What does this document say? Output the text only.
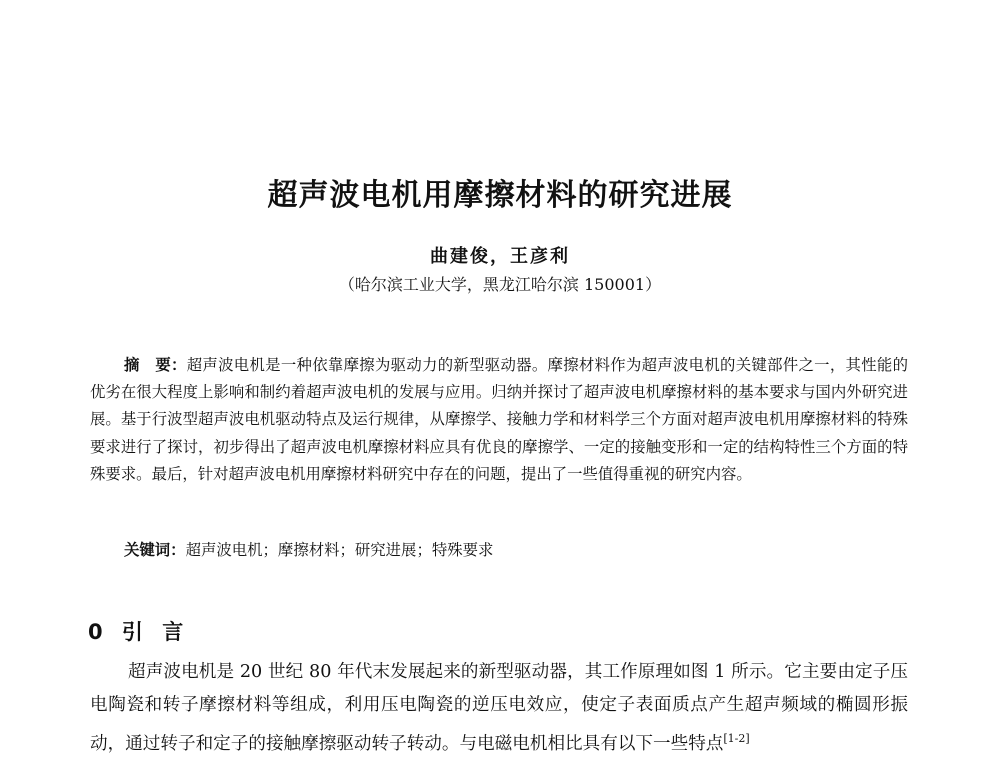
超声波电机用摩擦材料的研究进展
曲建俊，王彦利
（哈尔滨工业大学，黑龙江哈尔滨 150001）

摘　要：超声波电机是一种依靠摩擦为驱动力的新型驱动器。摩擦材料作为超声波电机的关键部件之一，其性能的优劣在很大程度上影响和制约着超声波电机的发展与应用。归纳并探讨了超声波电机摩擦材料的基本要求与国内外研究进展。基于行波型超声波电机驱动特点及运行规律，从摩擦学、接触力学和材料学三个方面对超声波电机用摩擦材料的特殊要求进行了探讨，初步得出了超声波电机摩擦材料应具有优良的摩擦学、一定的接触变形和一定的结构特性三个方面的特殊要求。最后，针对超声波电机用摩擦材料研究中存在的问题，提出了一些值得重视的研究内容。

关键词：超声波电机；摩擦材料；研究进展；特殊要求
0 引 言

超声波电机是 20 世纪 80 年代末发展起来的新型驱动器，其工作原理如图 1 所示。它主要由定子压电陶瓷和转子摩擦材料等组成，利用压电陶瓷的逆压电效应，使定子表面质点产生超声频域的椭圆形振动，通过转子和定子的接触摩擦驱动转子转动。与电磁电机相比具有以下一些特点[1-2]
